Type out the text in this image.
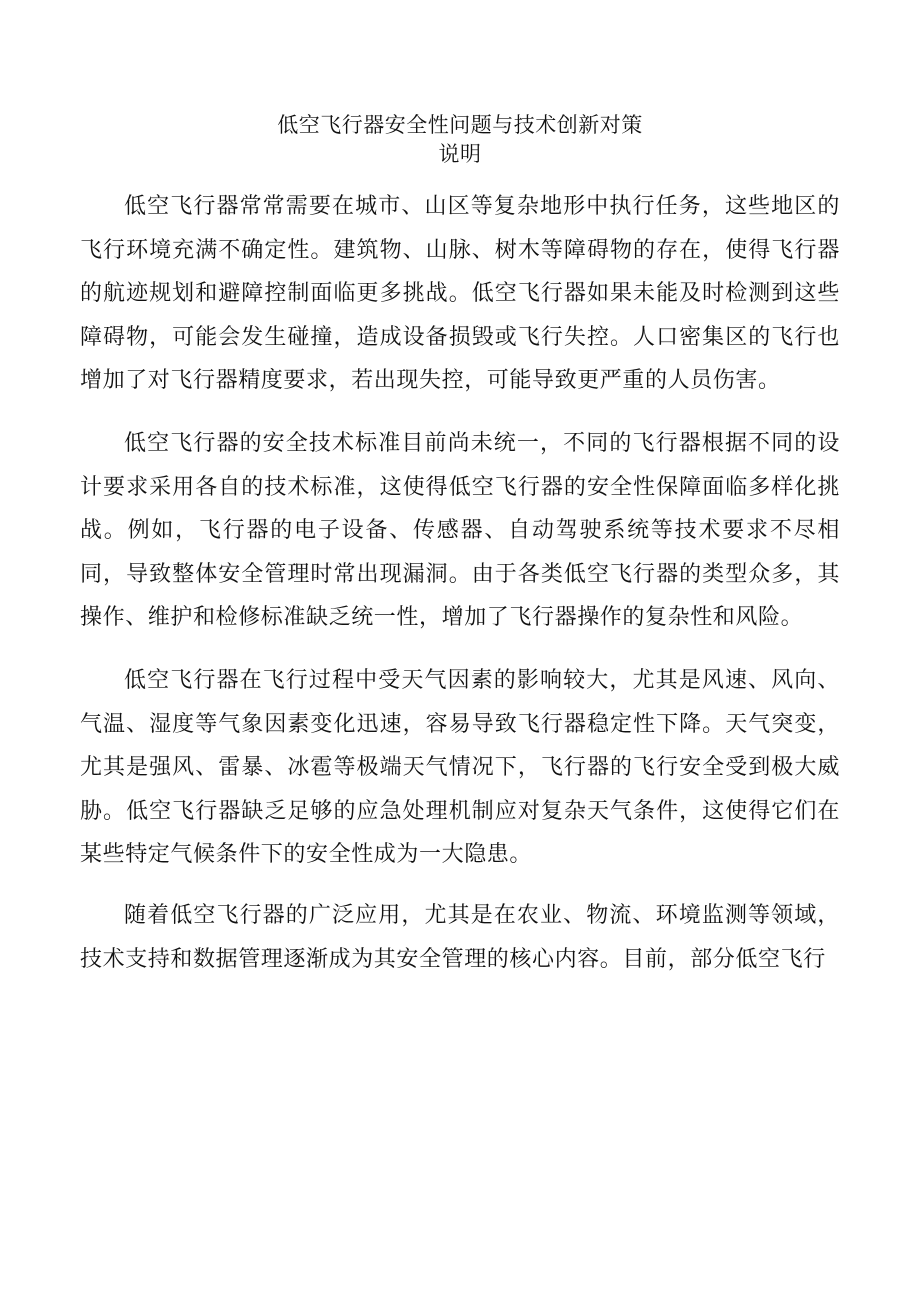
低空飞行器安全性问题与技术创新对策
说明

低空飞行器常常需要在城市、山区等复杂地形中执行任务，这些地区的飞行环境充满不确定性。建筑物、山脉、树木等障碍物的存在，使得飞行器的航迹规划和避障控制面临更多挑战。低空飞行器如果未能及时检测到这些障碍物，可能会发生碰撞，造成设备损毁或飞行失控。人口密集区的飞行也增加了对飞行器精度要求，若出现失控，可能导致更严重的人员伤害。

低空飞行器的安全技术标准目前尚未统一，不同的飞行器根据不同的设计要求采用各自的技术标准，这使得低空飞行器的安全性保障面临多样化挑战。例如，飞行器的电子设备、传感器、自动驾驶系统等技术要求不尽相同，导致整体安全管理时常出现漏洞。由于各类低空飞行器的类型众多，其操作、维护和检修标准缺乏统一性，增加了飞行器操作的复杂性和风险。

低空飞行器在飞行过程中受天气因素的影响较大，尤其是风速、风向、气温、湿度等气象因素变化迅速，容易导致飞行器稳定性下降。天气突变，尤其是强风、雷暴、冰雹等极端天气情况下，飞行器的飞行安全受到极大威胁。低空飞行器缺乏足够的应急处理机制应对复杂天气条件，这使得它们在某些特定气候条件下的安全性成为一大隐患。

随着低空飞行器的广泛应用，尤其是在农业、物流、环境监测等领域，技术支持和数据管理逐渐成为其安全管理的核心内容。目前，部分低空飞行
